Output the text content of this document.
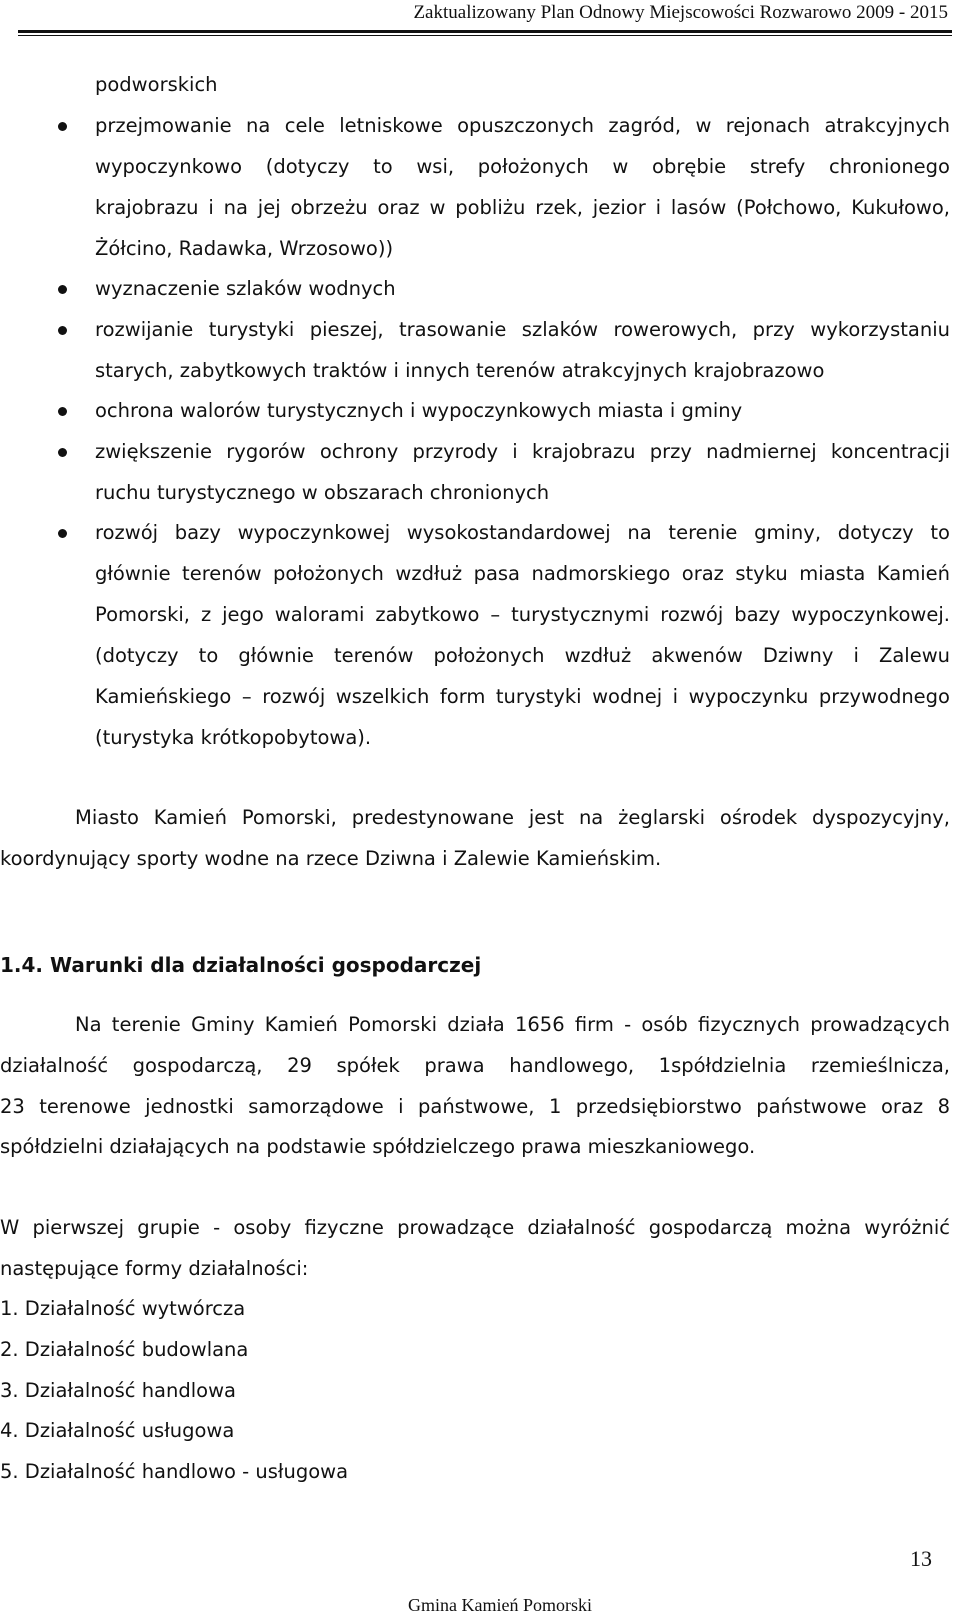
Zaktualizowany Plan Odnowy Miejscowości Rozwarowo 2009 - 2015
podworskich
przejmowanie na cele letniskowe opuszczonych zagród, w rejonach atrakcyjnych
wypoczynkowo (dotyczy to wsi, położonych w obrębie strefy chronionego
krajobrazu i na jej obrzeżu oraz w pobliżu rzek, jezior i lasów (Połchowo, Kukułowo,
Żółcino, Radawka, Wrzosowo))
wyznaczenie szlaków wodnych
rozwijanie turystyki pieszej, trasowanie szlaków rowerowych, przy wykorzystaniu
starych, zabytkowych traktów i innych terenów atrakcyjnych krajobrazowo
ochrona walorów turystycznych i wypoczynkowych miasta i gminy
zwiększenie rygorów ochrony przyrody i krajobrazu przy nadmiernej koncentracji
ruchu turystycznego w obszarach chronionych
rozwój bazy wypoczynkowej wysokostandardowej na terenie gminy, dotyczy to
głównie terenów położonych wzdłuż pasa nadmorskiego oraz styku miasta Kamień
Pomorski, z jego walorami zabytkowo – turystycznymi rozwój bazy wypoczynkowej.
(dotyczy to głównie terenów położonych wzdłuż akwenów Dziwny i Zalewu
Kamieńskiego – rozwój wszelkich form turystyki wodnej i wypoczynku przywodnego
(turystyka krótkopobytowa).
Miasto Kamień Pomorski, predestynowane jest na żeglarski ośrodek dyspozycyjny,
koordynujący sporty wodne na rzece Dziwna i Zalewie Kamieńskim.
1.4. Warunki dla działalności gospodarczej
Na terenie Gminy Kamień Pomorski działa 1656 firm - osób fizycznych prowadzących
działalność gospodarczą, 29 spółek prawa handlowego, 1spółdzielnia rzemieślnicza,
23 terenowe jednostki samorządowe i państwowe, 1 przedsiębiorstwo państwowe oraz 8
spółdzielni działających na podstawie spółdzielczego prawa mieszkaniowego.
W pierwszej grupie - osoby fizyczne prowadzące działalność gospodarczą można wyróżnić
następujące formy działalności:
1. Działalność wytwórcza
2. Działalność budowlana
3. Działalność handlowa
4. Działalność usługowa
5. Działalność handlowo - usługowa
13
Gmina Kamień Pomorski
